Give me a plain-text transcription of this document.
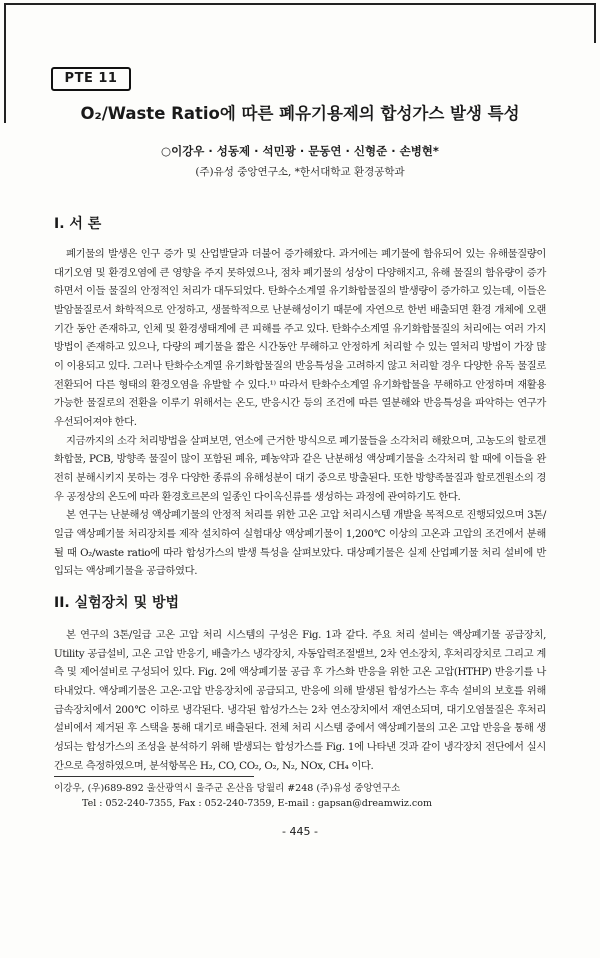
PTE 11
O₂/Waste Ratio에 따른 폐유기용제의 합성가스 발생 특성
○이강우 · 성동제 · 석민광 · 문동연 · 신형준 · 손병현*
(주)유성 중앙연구소, *한서대학교 환경공학과
I. 서 론

폐기물의 발생은 인구 증가 및 산업발달과 더불어 증가해왔다. 과거에는 폐기물에 함유되어 있는 유해물질량이 대기오염 및 환경오염에 큰 영향을 주지 못하였으나, 점차 폐기물의 성상이 다양해지고, 유해 물질의 함유량이 증가하면서 이들 물질의 안정적인 처리가 대두되었다. 탄화수소계열 유기화합물질의 발생량이 증가하고 있는데, 이들은 발암물질로서 화학적으로 안정하고, 생물학적으로 난분해성이기 때문에 자연으로 한번 배출되면 환경 개체에 오랜 기간 동안 존재하고, 인체 및 환경생태계에 큰 피해를 주고 있다. 탄화수소계열 유기화합물질의 처리에는 여러 가지 방법이 존재하고 있으나, 다량의 폐기물을 짧은 시간동안 무해하고 안정하게 처리할 수 있는 열처리 방법이 가장 많이 이용되고 있다. 그러나 탄화수소계열 유기화합물질의 반응특성을 고려하지 않고 처리할 경우 다양한 유독 물질로 전환되어 다른 형태의 환경오염을 유발할 수 있다.¹⁾ 따라서 탄화수소계열 유기화합물을 무해하고 안정하며 재활용 가능한 물질로의 전환을 이루기 위해서는 온도, 반응시간 등의 조건에 따른 열분해와 반응특성을 파악하는 연구가 우선되어져야 한다.

지금까지의 소각 처리방법을 살펴보면, 연소에 근거한 방식으로 폐기물들을 소각처리 해왔으며, 고농도의 할로겐화합물, PCB, 방향족 물질이 많이 포함된 폐유, 폐농약과 같은 난분해성 액상폐기물을 소각처리 할 때에 이들을 완전히 분해시키지 못하는 경우 다양한 종류의 유해성분이 대기 중으로 방출된다. 또한 방향족물질과 할로겐원소의 경우 공정상의 온도에 따라 환경호르몬의 일종인 다이옥신류를 생성하는 과정에 관여하기도 한다.

본 연구는 난분해성 액상폐기물의 안정적 처리를 위한 고온 고압 처리시스템 개발을 목적으로 진행되었으며 3톤/일급 액상폐기물 처리장치를 제작 설치하여 실험대상 액상폐기물이 1,200℃ 이상의 고온과 고압의 조건에서 분해될 때 O₂/waste ratio에 따라 합성가스의 발생 특성을 살펴보았다. 대상폐기물은 실제 산업폐기물 처리 설비에 반입되는 액상폐기물을 공급하였다.

II. 실험장치 및 방법

본 연구의 3톤/일급 고온 고압 처리 시스템의 구성은 Fig. 1과 같다. 주요 처리 설비는 액상폐기물 공급장치, Utility 공급설비, 고온 고압 반응기, 배출가스 냉각장치, 자동압력조절밸브, 2차 연소장치, 후처리장치로 그리고 계측 및 제어설비로 구성되어 있다. Fig. 2에 액상폐기물 공급 후 가스화 반응을 위한 고온 고압(HTHP) 반응기를 나타내었다. 액상폐기물은 고온·고압 반응장치에 공급되고, 반응에 의해 발생된 합성가스는 후속 설비의 보호를 위해 급속장치에서 200℃ 이하로 냉각된다. 냉각된 합성가스는 2차 연소장치에서 재연소되며, 대기오염물질은 후처리 설비에서 제거된 후 스택을 통해 대기로 배출된다. 전체 처리 시스템 중에서 액상폐기물의 고온 고압 반응을 통해 생성되는 합성가스의 조성을 분석하기 위해 발생되는 합성가스를 Fig. 1에 나타낸 것과 같이 냉각장치 전단에서 실시간으로 측정하였으며, 분석항목은 H₂, CO, CO₂, O₂, N₂, NOx, CH₄ 이다.

이강우, (우)689-892 울산광역시 울주군 온산읍 당월리 #248 (주)유성 중앙연구소
Tel : 052-240-7355, Fax : 052-240-7359, E-mail : gapsan@dreamwiz.com
- 445 -
